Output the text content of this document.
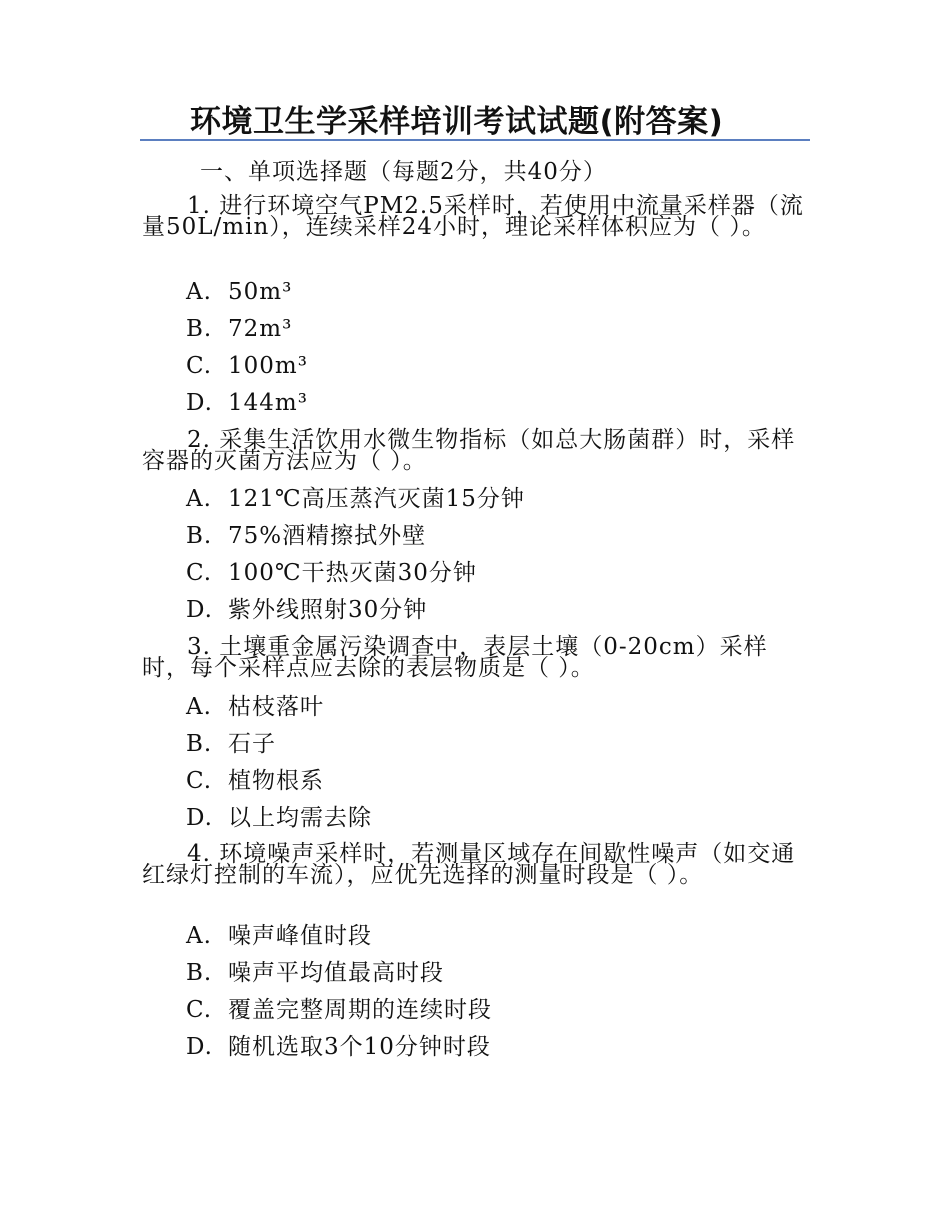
环境卫生学采样培训考试试题(附答案)
一、单项选择题（每题2分，共40分）
1. 进行环境空气PM2.5采样时，若使用中流量采样器（流量50L/min），连续采样24小时，理论采样体积应为（ ）。
A. 50m³
B. 72m³
C. 100m³
D. 144m³
2. 采集生活饮用水微生物指标（如总大肠菌群）时，采样容器的灭菌方法应为（ ）。
A. 121℃高压蒸汽灭菌15分钟
B. 75%酒精擦拭外壁
C. 100℃干热灭菌30分钟
D. 紫外线照射30分钟
3. 土壤重金属污染调查中，表层土壤（0-20cm）采样时，每个采样点应去除的表层物质是（ ）。
A. 枯枝落叶
B. 石子
C. 植物根系
D. 以上均需去除
4. 环境噪声采样时，若测量区域存在间歇性噪声（如交通红绿灯控制的车流），应优先选择的测量时段是（ ）。
A. 噪声峰值时段
B. 噪声平均值最高时段
C. 覆盖完整周期的连续时段
D. 随机选取3个10分钟时段
